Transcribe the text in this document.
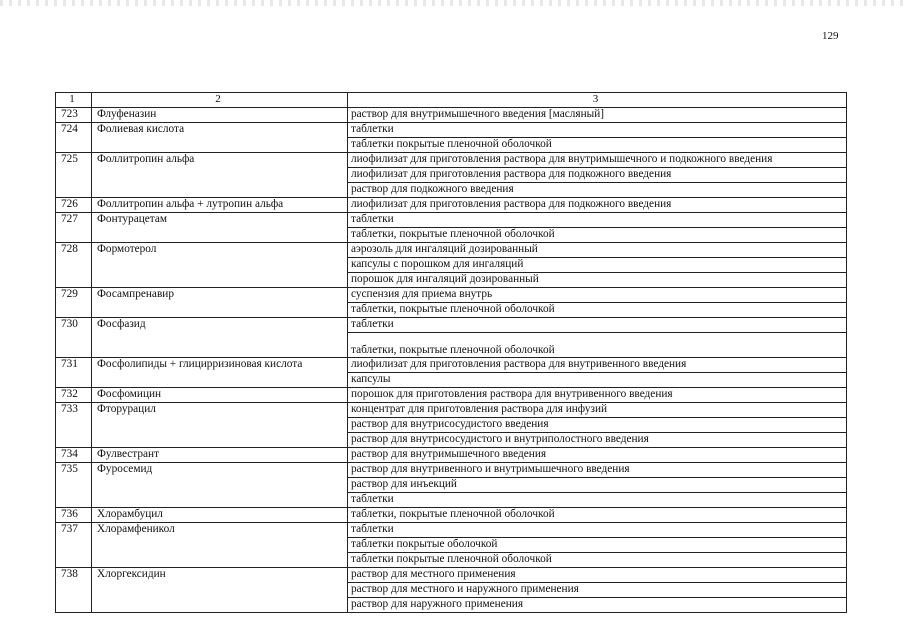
129
1	2	3
723	Флуфеназин	раствор для внутримышечного введения [масляный]
724	Фолиевая кислота	таблетки
		таблетки покрытые пленочной оболочкой
725	Фоллитропин альфа	лиофилизат для приготовления раствора для внутримышечного и подкожного введения
		лиофилизат для приготовления раствора для подкожного введения
		раствор для подкожного введения
726	Фоллитропин альфа + лутропин альфа	лиофилизат для приготовления раствора для подкожного введения
727	Фонтурацетам	таблетки
		таблетки, покрытые пленочной оболочкой
728	Формотерол	аэрозоль для ингаляций дозированный
		капсулы с порошком для ингаляций
		порошок для ингаляций дозированный
729	Фосампренавир	суспензия для приема внутрь
		таблетки, покрытые пленочной оболочкой
730	Фосфазид	таблетки
		таблетки, покрытые пленочной оболочкой
731	Фосфолипиды + глицирризиновая кислота	лиофилизат для приготовления раствора для внутривенного введения
		капсулы
732	Фосфомицин	порошок для приготовления раствора для внутривенного введения
733	Фторурацил	концентрат для приготовления раствора для инфузий
		раствор для внутрисосудистого введения
		раствор для внутрисосудистого и внутриполостного введения
734	Фулвестрант	раствор для внутримышечного введения
735	Фуросемид	раствор для внутривенного и внутримышечного введения
		раствор для инъекций
		таблетки
736	Хлорамбуцил	таблетки, покрытые пленочной оболочкой
737	Хлорамфеникол	таблетки
		таблетки покрытые оболочкой
		таблетки покрытые пленочной оболочкой
738	Хлоргексидин	раствор для местного применения
		раствор для местного и наружного применения
		раствор для наружного применения
